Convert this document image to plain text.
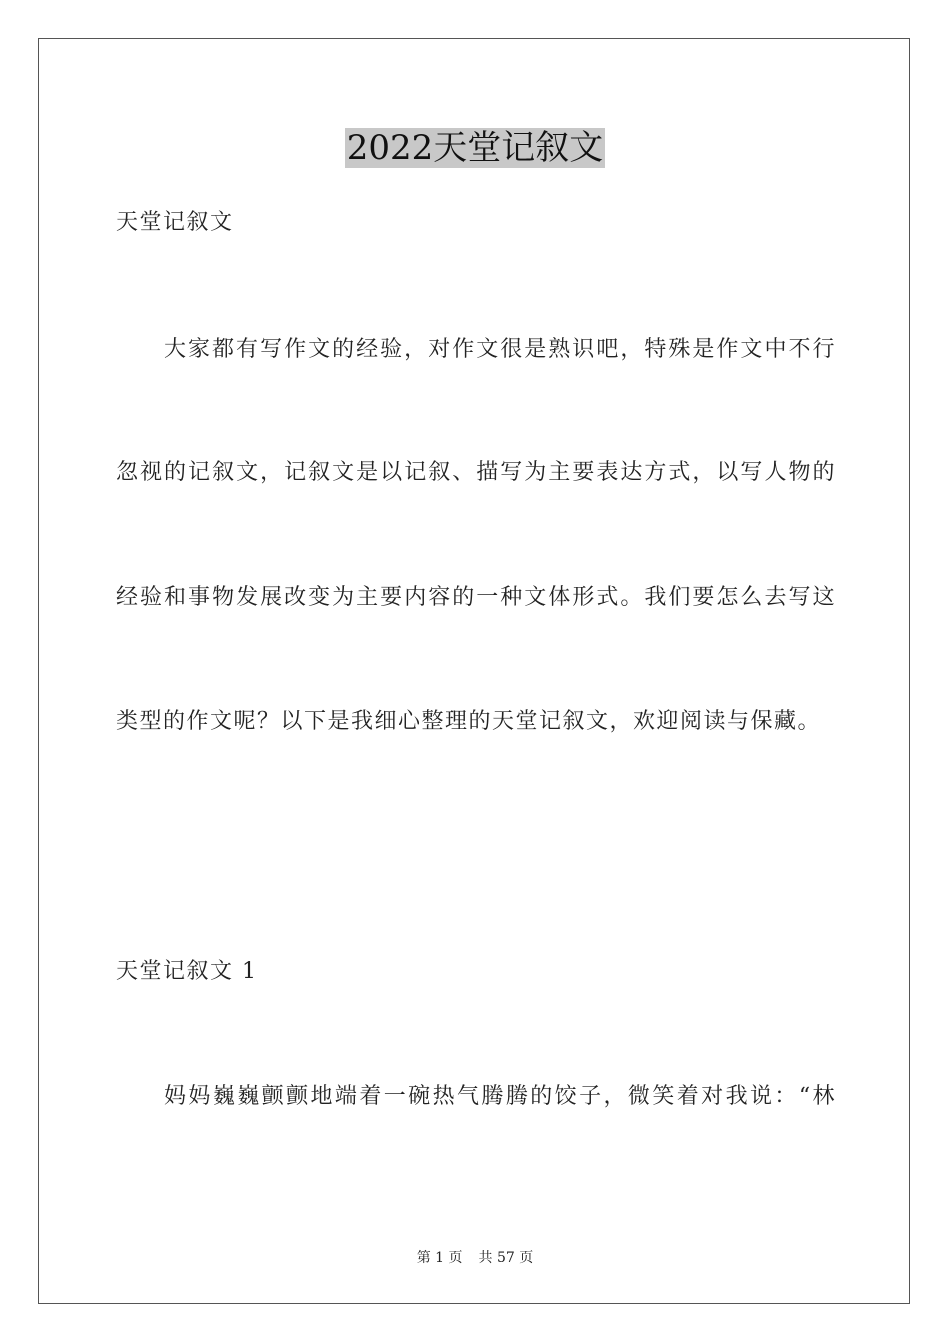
2022天堂记叙文
天堂记叙文
大家都有写作文的经验，对作文很是熟识吧，特殊是作文中不行
忽视的记叙文，记叙文是以记叙、描写为主要表达方式，以写人物的
经验和事物发展改变为主要内容的一种文体形式。我们要怎么去写这
类型的作文呢？以下是我细心整理的天堂记叙文，欢迎阅读与保藏。
天堂记叙文 1
妈妈巍巍颤颤地端着一碗热气腾腾的饺子，微笑着对我说：“林
第 1 页 共 57 页
